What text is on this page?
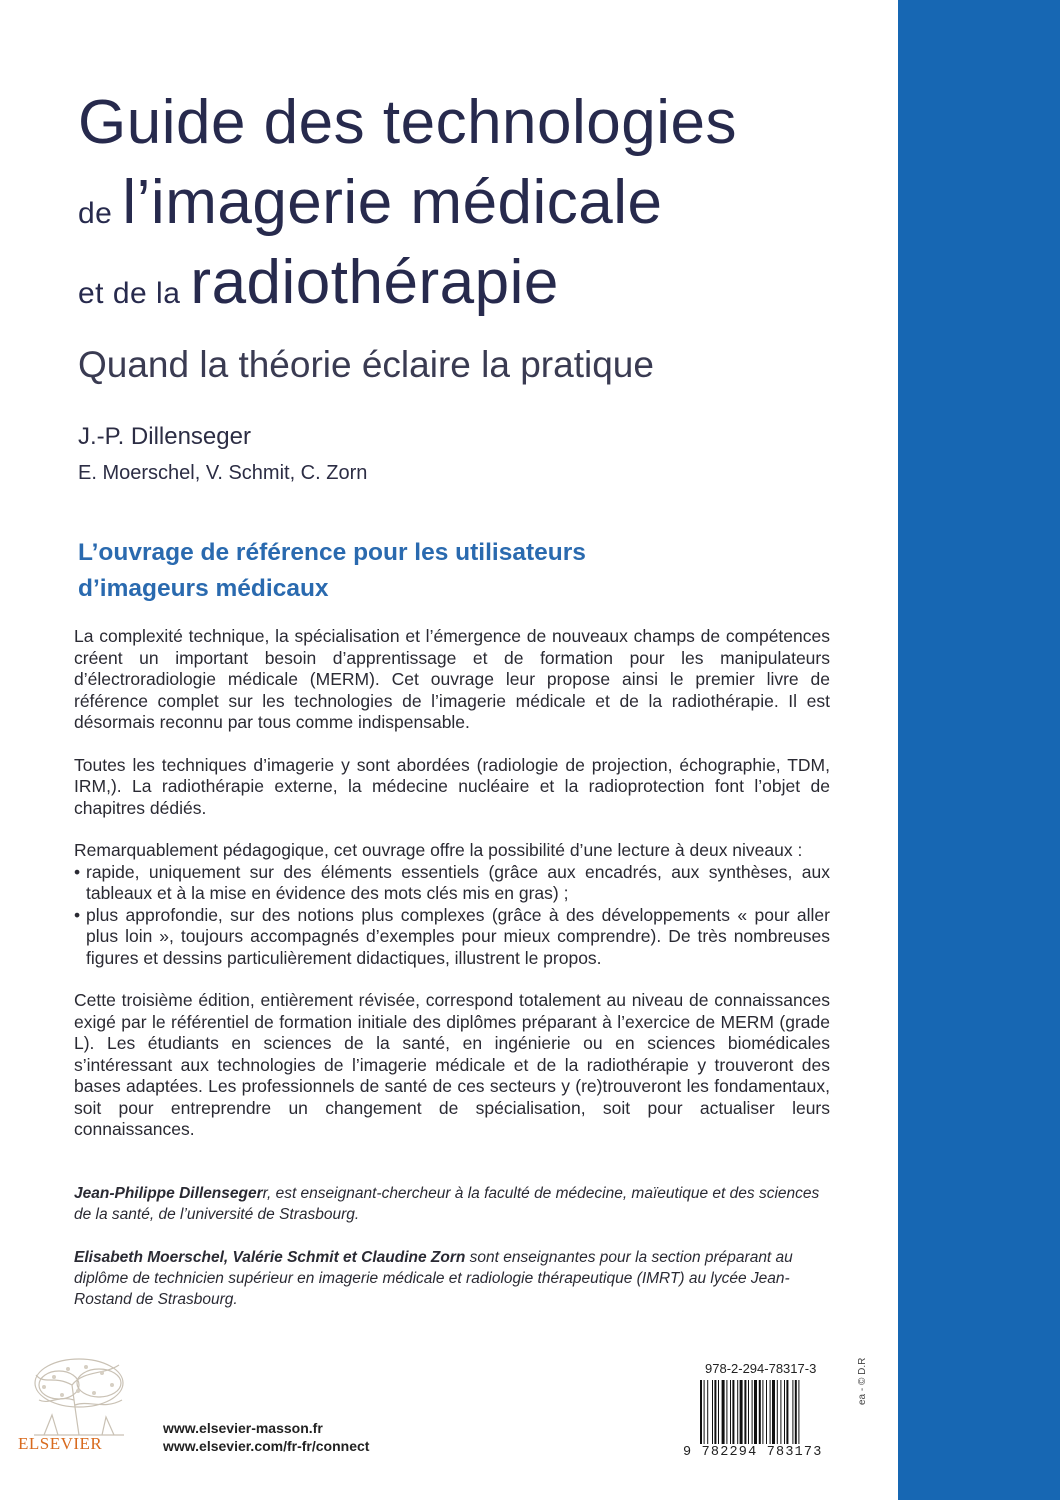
Guide des technologies
de l’imagerie médicale
et de la radiothérapie
Quand la théorie éclaire la pratique
J.-P. Dillenseger
E. Moerschel, V. Schmit, C. Zorn
L’ouvrage de référence pour les utilisateurs
d’imageurs médicaux

La complexité technique, la spécialisation et l’émergence de nouveaux champs de compétences créent un important besoin d’apprentissage et de formation pour les manipulateurs d’électroradiologie médicale (MERM). Cet ouvrage leur propose ainsi le premier livre de référence complet sur les technologies de l’imagerie médicale et de la radiothérapie. Il est désormais reconnu par tous comme indispensable.

Toutes les techniques d’imagerie y sont abordées (radiologie de projection, échographie, TDM, IRM,). La radiothérapie externe, la médecine nucléaire et la radioprotection font l’objet de chapitres dédiés.

Remarquablement pédagogique, cet ouvrage offre la possibilité d’une lecture à deux niveaux :

• rapide, uniquement sur des éléments essentiels (grâce aux encadrés, aux synthèses, aux tableaux et à la mise en évidence des mots clés mis en gras) ;
• plus approfondie, sur des notions plus complexes (grâce à des développements « pour aller plus loin », toujours accompagnés d’exemples pour mieux comprendre). De très nombreuses figures et dessins particulièrement didactiques, illustrent le propos.

Cette troisième édition, entièrement révisée, correspond totalement au niveau de connaissances exigé par le référentiel de formation initiale des diplômes préparant à l’exercice de MERM (grade L). Les étudiants en sciences de la santé, en ingénierie ou en sciences biomédicales s’intéressant aux technologies de l’imagerie médicale et de la radiothérapie y trouveront des bases adaptées. Les professionnels de santé de ces secteurs y (re)trouveront les fondamentaux, soit pour entreprendre un changement de spécialisation, soit pour actualiser leurs connaissances.

Jean-Philippe Dillensegerr, est enseignant-chercheur à la faculté de médecine, maïeutique et des sciences de la santé, de l’université de Strasbourg.
Elisabeth Moerschel, Valérie Schmit et Claudine Zorn sont enseignantes pour la section préparant au diplôme de technicien supérieur en imagerie médicale et radiologie thérapeutique (IMRT) au lycée Jean-Rostand de Strasbourg.
ELSEVIER
www.elsevier-masson.fr
www.elsevier.com/fr-fr/connect
978-2-294-78317-3
9 782294 783173
ea - © D.R
